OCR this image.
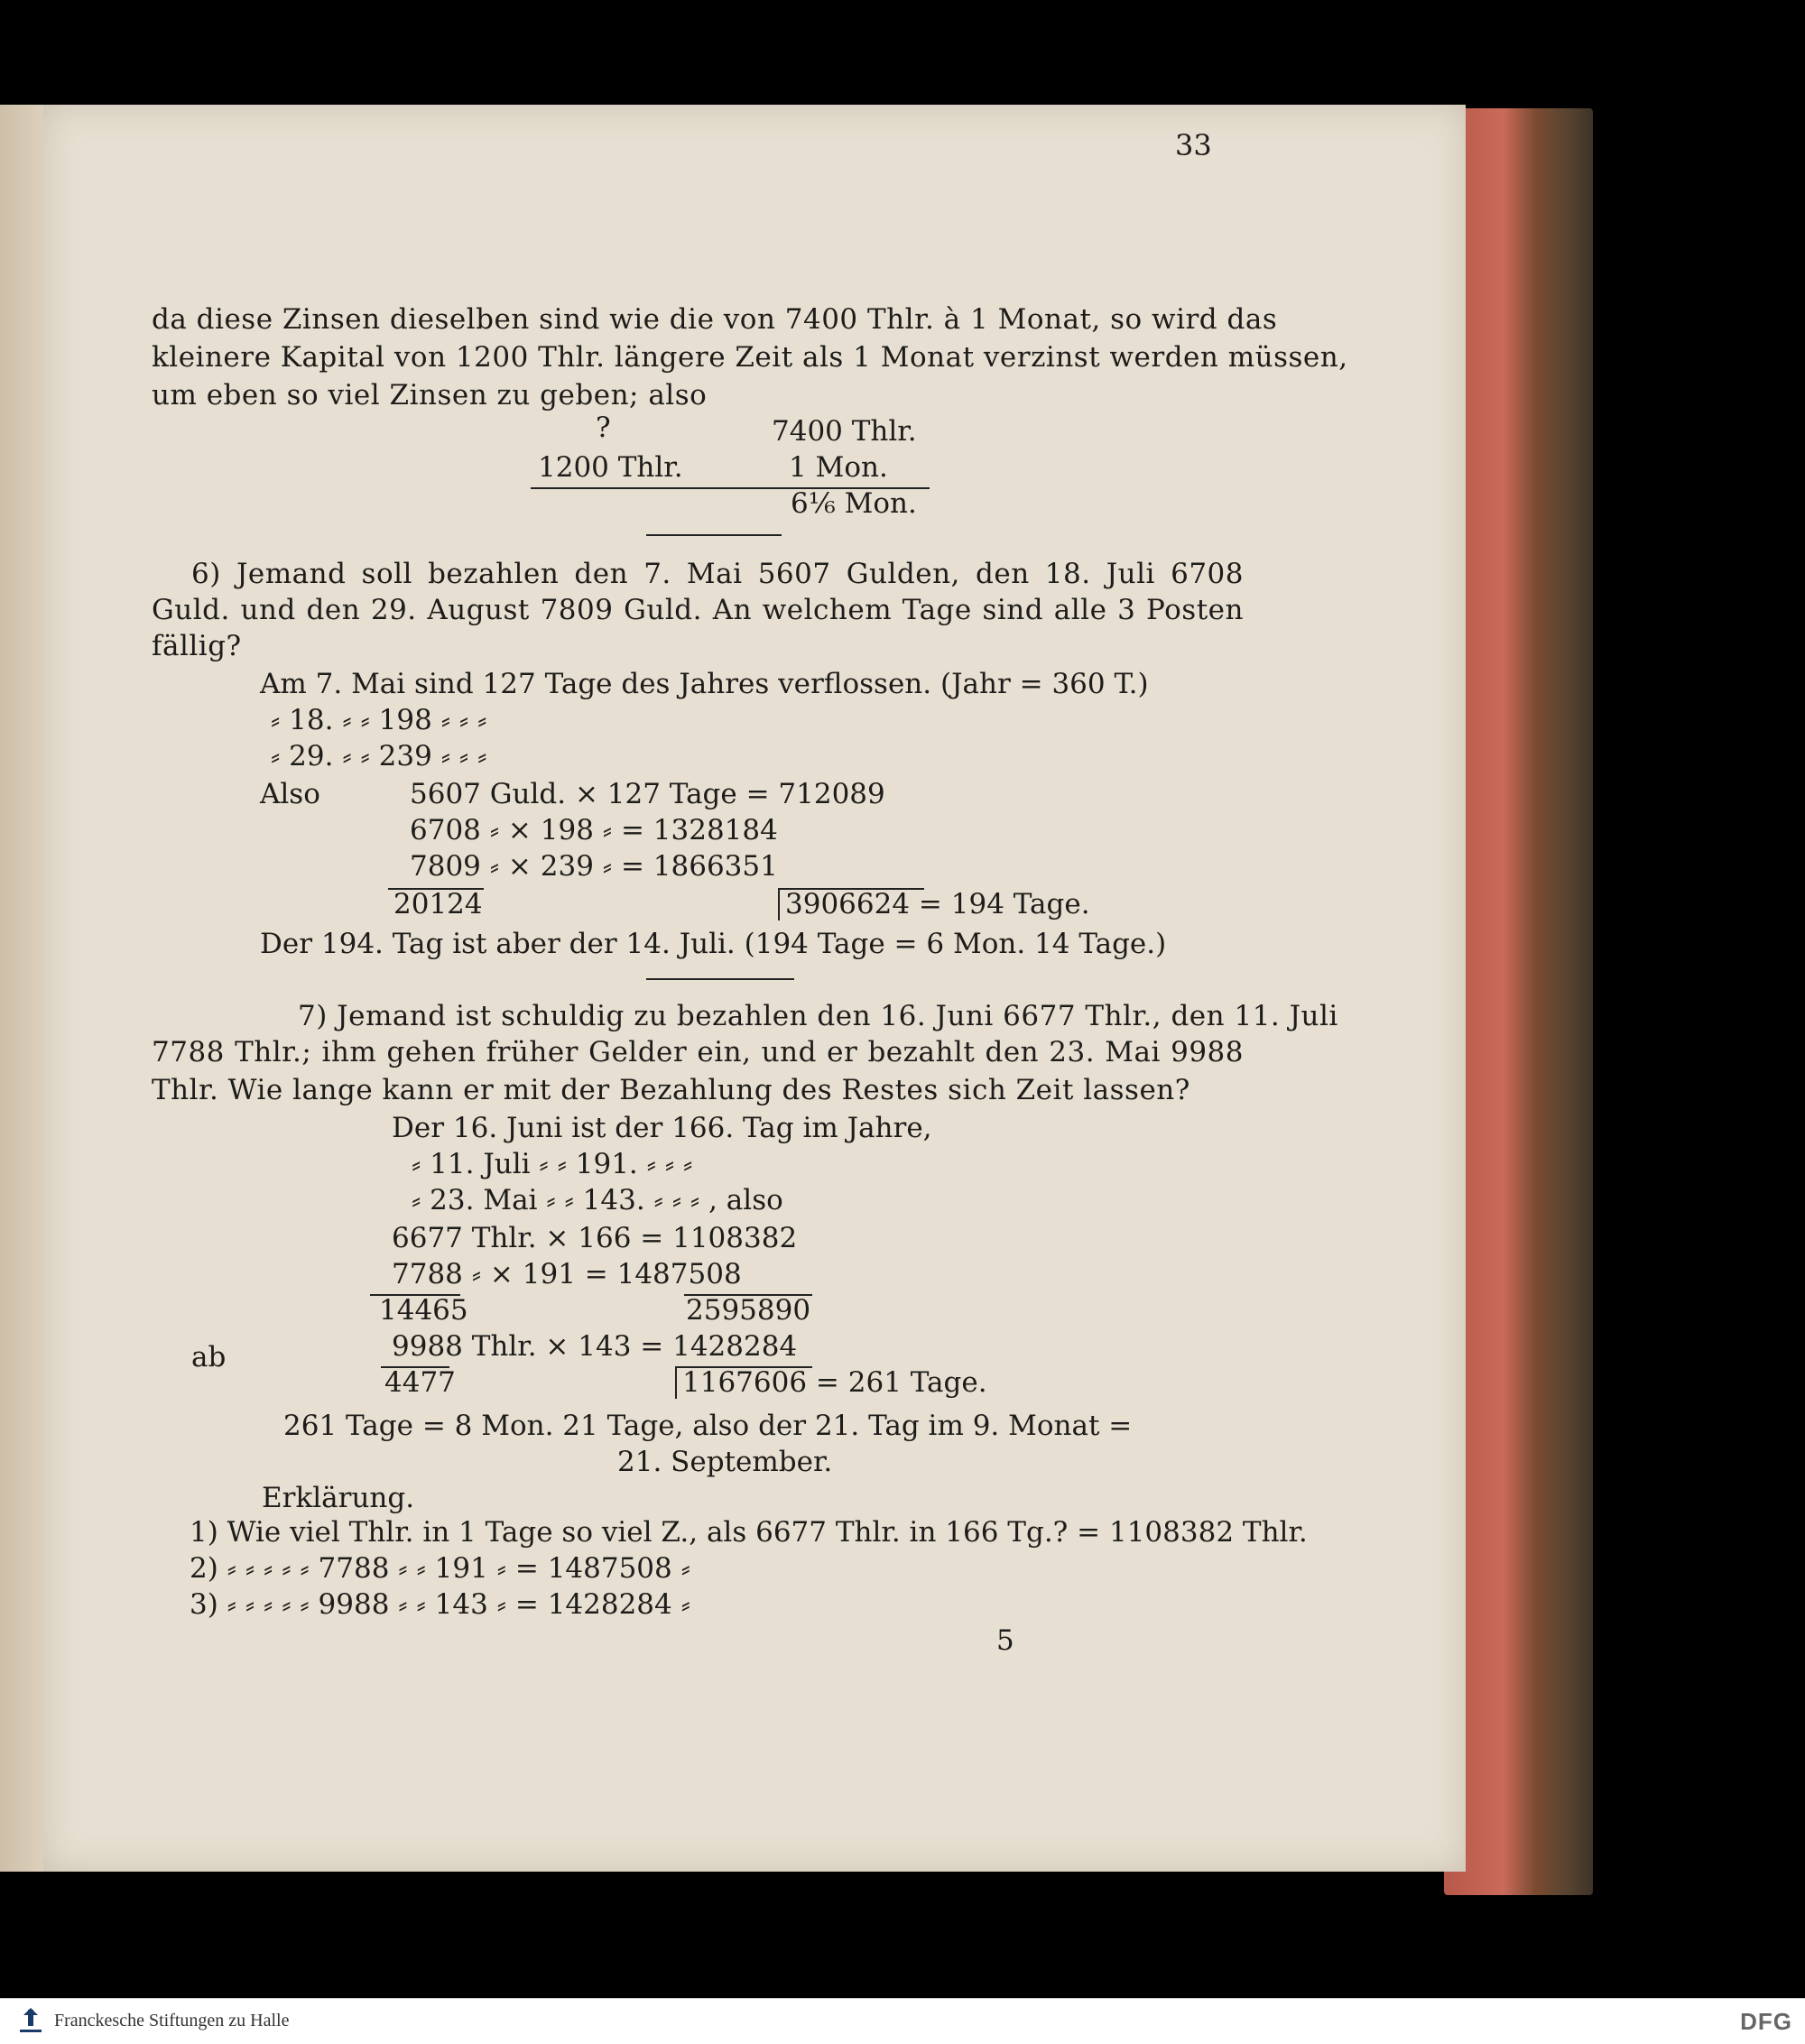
33
da diese Zinsen dieselben sind wie die von 7400 Thlr. à 1 Monat, so wird das
kleinere Kapital von 1200 Thlr. längere Zeit als 1 Monat verzinst werden müssen,
um eben so viel Zinsen zu geben; also
?	7400 Thlr.
1200 Thlr.	1 Mon.
6⅙ Mon.
6) Jemand soll bezahlen den 7. Mai 5607 Gulden, den 18. Juli 6708
Guld. und den 29. August 7809 Guld. An welchem Tage sind alle 3 Posten
fällig?
Am 7. Mai sind 127 Tage des Jahres verflossen. (Jahr = 360 T.)
⸗ 18. ⸗ ⸗ 198 ⸗ ⸗ ⸗
⸗ 29. ⸗ ⸗ 239 ⸗ ⸗ ⸗
Also	5607 Guld. × 127 Tage = 712089
6708 ⸗ × 198 ⸗ = 1328184
7809 ⸗ × 239 ⸗ = 1866351
20124	3906624 = 194 Tage.
Der 194. Tag ist aber der 14. Juli. (194 Tage = 6 Mon. 14 Tage.)
7) Jemand ist schuldig zu bezahlen den 16. Juni 6677 Thlr., den 11. Juli
7788 Thlr.; ihm gehen früher Gelder ein, und er bezahlt den 23. Mai 9988
Thlr. Wie lange kann er mit der Bezahlung des Restes sich Zeit lassen?
Der 16. Juni ist der 166. Tag im Jahre,
⸗ 11. Juli ⸗ ⸗ 191. ⸗ ⸗ ⸗
⸗ 23. Mai ⸗ ⸗ 143. ⸗ ⸗ ⸗ , also
6677 Thlr. × 166 = 1108382
7788 ⸗ × 191 = 1487508
14465	2595890
ab	9988 Thlr. × 143 = 1428284
4477	1167606 = 261 Tage.
261 Tage = 8 Mon. 21 Tage, also der 21. Tag im 9. Monat =
21. September.
Erklärung.
1) Wie viel Thlr. in 1 Tage so viel Z., als 6677 Thlr. in 166 Tg.? = 1108382 Thlr.
2) ⸗ ⸗ ⸗ ⸗ ⸗ 7788 ⸗ ⸗ 191 ⸗ = 1487508 ⸗
3) ⸗ ⸗ ⸗ ⸗ ⸗ 9988 ⸗ ⸗ 143 ⸗ = 1428284 ⸗
5
Franckesche Stiftungen zu Halle	DFG
